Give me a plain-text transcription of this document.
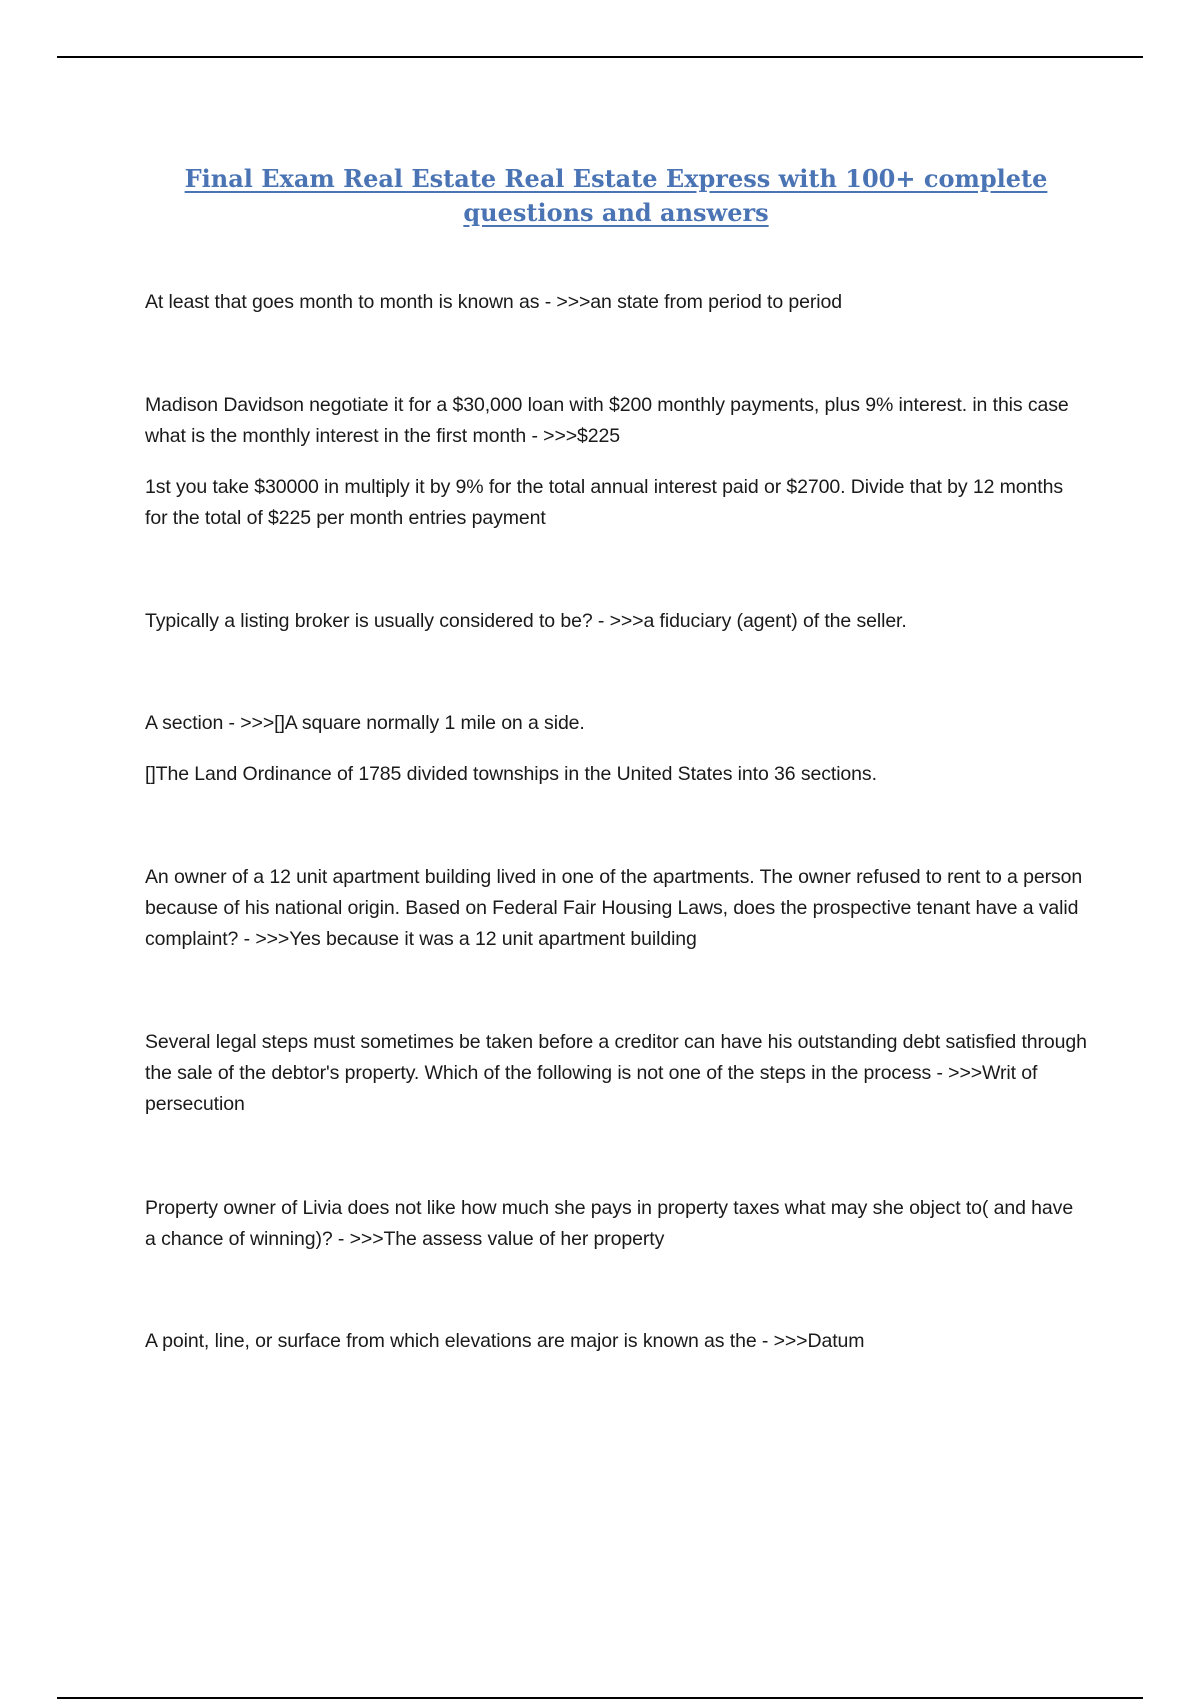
Final Exam Real Estate Real Estate Express with 100+ complete questions and answers

At least that goes month to month is known as - >>>an state from period to period

Madison Davidson negotiate it for a $30,000 loan with $200 monthly payments, plus 9% interest. in this case what is the monthly interest in the first month - >>>$225

1st you take $30000 in multiply it by 9% for the total annual interest paid or $2700. Divide that by 12 months for the total of $225 per month entries payment

Typically a listing broker is usually considered to be? - >>>a fiduciary (agent) of the seller.

A section - >>>[]A square normally 1 mile on a side.

[]The Land Ordinance of 1785 divided townships in the United States into 36 sections.

An owner of a 12 unit apartment building lived in one of the apartments. The owner refused to rent to a person because of his national origin. Based on Federal Fair Housing Laws, does the prospective tenant have a valid complaint? - >>>Yes because it was a 12 unit apartment building

Several legal steps must sometimes be taken before a creditor can have his outstanding debt satisfied through the sale of the debtor's property. Which of the following is not one of the steps in the process - >>>Writ of persecution

Property owner of Livia does not like how much she pays in property taxes what may she object to( and have a chance of winning)? - >>>The assess value of her property

A point, line, or surface from which elevations are major is known as the - >>>Datum
